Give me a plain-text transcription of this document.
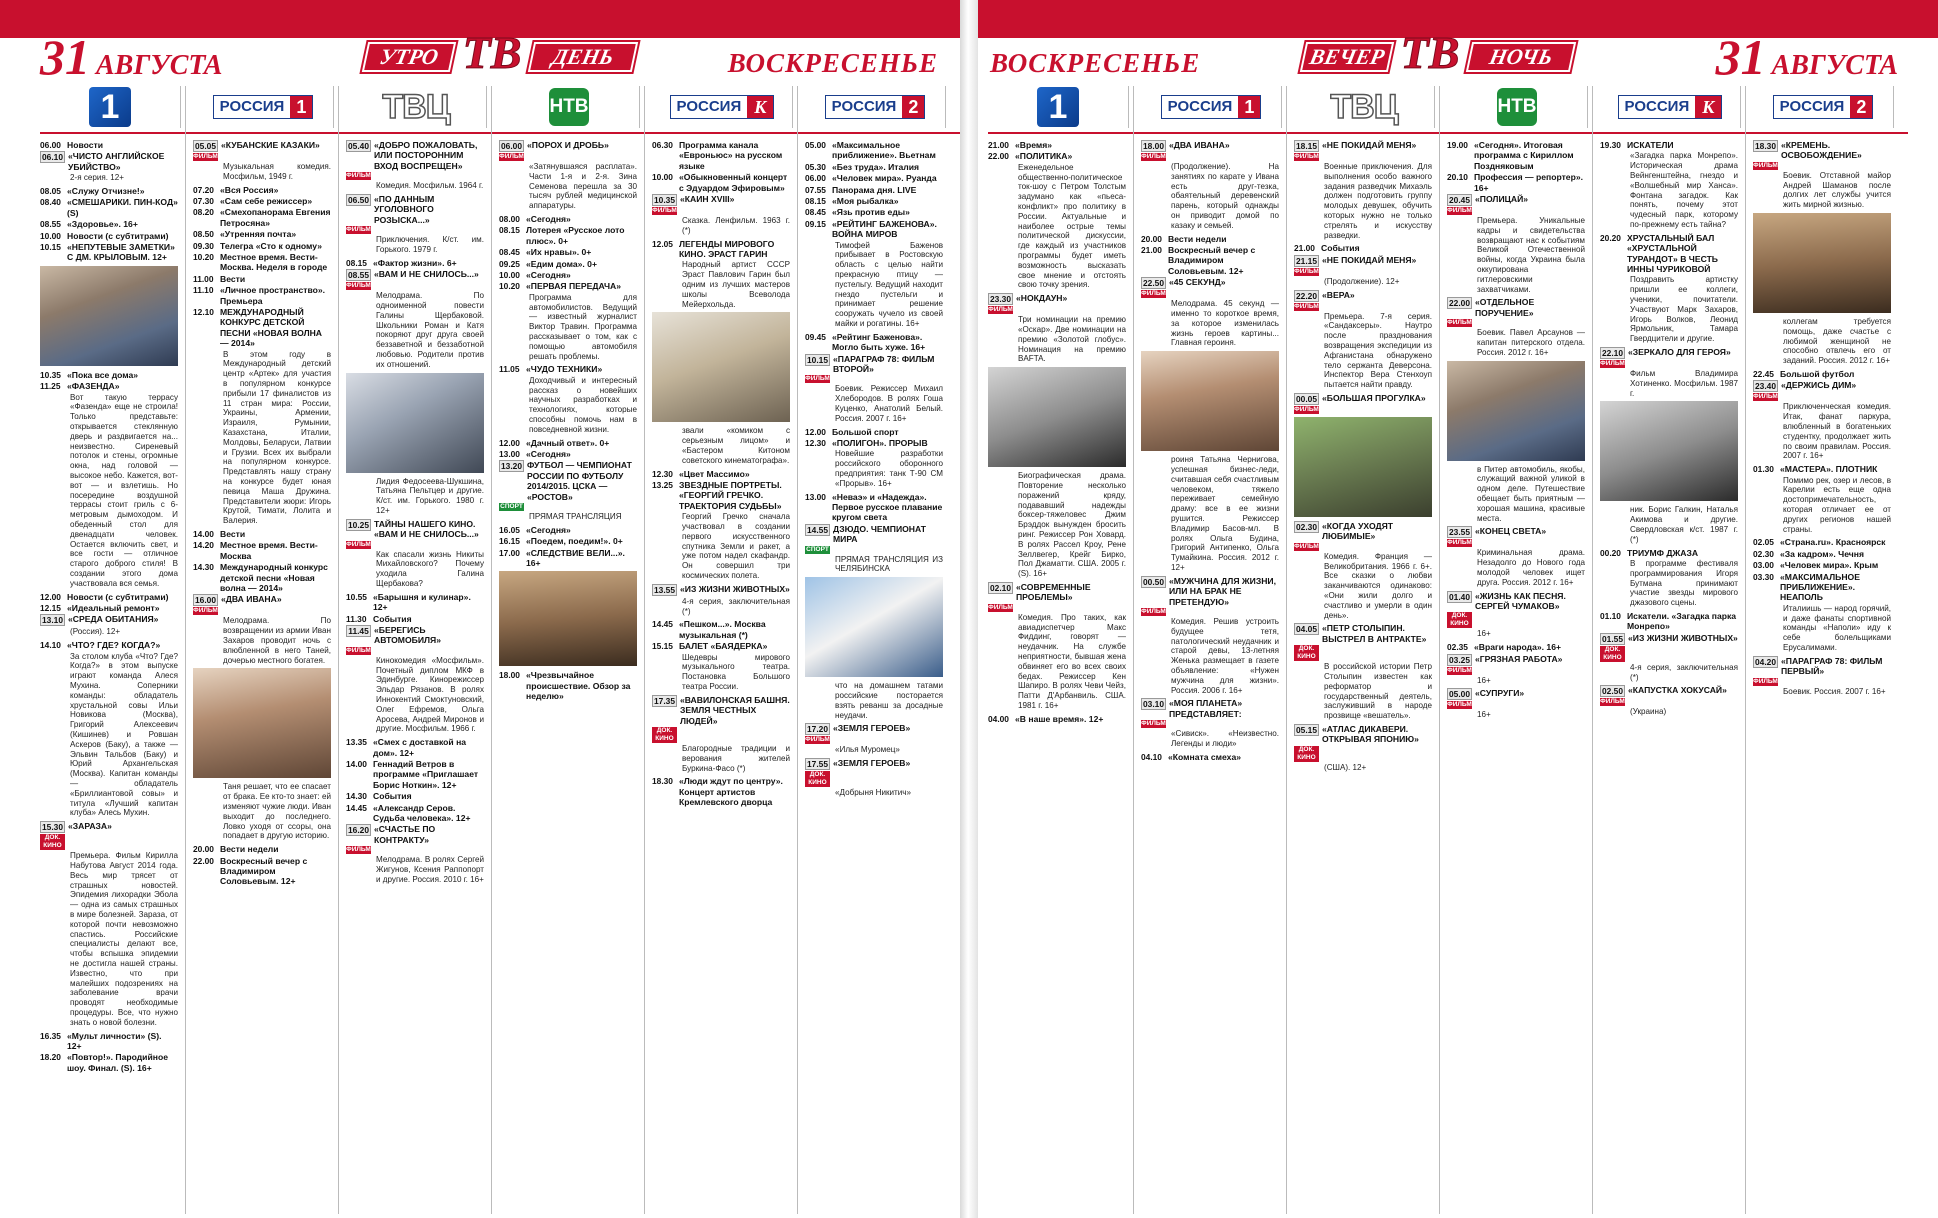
31 АВГУСТА	УТРО ТВ	ДЕНЬ	ВОСКРЕСЕНЬЕ
1	РОССИЯ 1 ТВЦ	НТВ	РОССИЯ К	РОССИЯ 2
06.00 Новости
06.10 «ЧИСТО АНГЛИЙСКОЕ УБИЙСТВО»
2-я серия. 12+
08.05 «Служу Отчизне!»
08.40 «СМЕШАРИКИ. ПИН-КОД» (S)
08.55 «Здоровье». 16+
10.00 Новости (с субтитрами)
10.15 «НЕПУТЕВЫЕ ЗАМЕТКИ» С ДМ. КРЫЛОВЫМ. 12+
10.35 «Пока все дома»
11.25 «ФАЗЕНДА»
Вот такую террасу «Фазенда» еще не строила! Только представьте: открывается стеклянную дверь и раздвигается на... неизвестно. Сиреневый потолок и стены, огромные окна, над головой — высокое небо. Кажется, вот-вот — и взлетишь. Но посередине воздушной террасы стоит гриль с 6-метровым дымоходом. И обеденный стол для двенадцати человек. Остается включить свет, и все гости — отличное старого доброго стиля! В создании этого дома участвовала вся семья.
12.00 Новости (с субтитрами)
12.15 «Идеальный ремонт»
13.10 «СРЕДА ОБИТАНИЯ»
(Россия). 12+
14.10 «ЧТО? ГДЕ? КОГДА?»
За столом клуба «Что? Где? Когда?» в этом выпуске играют команда Алеся Мухина. Соперники команды: обладатель хрустальной совы Ильи Новикова (Москва), Григорий Алексеевич (Кишинев) и Ровшан Аскеров (Баку), а также — Эльвин Тальбов (Баку) и Юрий Архангельская (Москва). Капитан команды — обладатель «Бриллиантовой совы» и титула «Лучший капитан клуба» Алесь Мухин.
15.30 «ЗАРАЗА»
ДОК. КИНО
Премьера. Фильм Кирилла Набутова Август 2014 года. Весь мир трясет от страшных новостей. Эпидемия лихорадки Эбола — одна из самых страшных в мире болезней. Зараза, от которой почти невозможно спастись. Российские специалисты делают все, чтобы вспышка эпидемии не достигла нашей страны. Известно, что при малейших подозрениях на заболевание врачи проводят необходимые процедуры. Все, что нужно знать о новой болезни.
16.35 «Мульт личности» (S). 12+
18.20 «Повтор!». Пародийное шоу. Финал. (S). 16+
05.05 «КУБАНСКИЕ КАЗАКИ»
ФИЛЬМ
Музыкальная комедия. Мосфильм, 1949 г.
07.20 «Вся Россия»
07.30 «Сам себе режиссер»
08.20 «Смехопанорама Евгения Петросяна»
08.50 «Утренняя почта»
09.30 Телегра «Сто к одному»
10.20 Местное время. Вести-Москва. Неделя в городе
11.00 Вести
11.10 «Личное пространство». Премьера
12.10 МЕЖДУНАРОДНЫЙ КОНКУРС ДЕТСКОЙ ПЕСНИ «НОВАЯ ВОЛНА — 2014»
В этом году в Международный детский центр «Артек» для участия в популярном конкурсе прибыли 17 финалистов из 11 стран мира: России, Украины, Армении, Израиля, Румынии, Казахстана, Италии, Молдовы, Беларуси, Латвии и Грузии. Всех их выбрали на популярном конкурсе. Представлять нашу страну на конкурсе будет юная певица Маша Дружина. Представители жюри: Игорь Крутой, Тимати, Лолита и Валерия.
14.00 Вести
14.20 Местное время. Вести-Москва
14.30 Международный конкурс детской песни «Новая волна — 2014»
16.00 «ДВА ИВАНА»
ФИЛЬМ
Мелодрама. По возвращении из армии Иван Захаров проводит ночь с влюбленной в него Таней, дочерью местного богатея.
Таня решает, что ее спасает от брака. Ее кто-то знает: ей изменяют чужие люди. Иван выходит до последнего. Ловко уходя от ссоры, она попадает в другую историю.
20.00 Вести недели
22.00 Воскресный вечер с Владимиром Соловьевым. 12+
05.40 «ДОБРО ПОЖАЛОВАТЬ, ИЛИ ПОСТОРОННИМ ВХОД ВОСПРЕЩЕН»
ФИЛЬМ
Комедия. Мосфильм. 1964 г.
06.50 «ПО ДАННЫМ УГОЛОВНОГО РОЗЫСКА...»
ФИЛЬМ
Приключения. К/ст. им. Горького. 1979 г.
08.15 «Фактор жизни». 6+
08.55 «ВАМ И НЕ СНИЛОСЬ...»
ФИЛЬМ
Мелодрама. По одноименной повести Галины Щербаковой. Школьники Роман и Катя покоряют друг друга своей беззаветной и беззаботной любовью. Родители против их отношений.
Лидия Федосеева-Шукшина, Татьяна Пельтцер и другие. К/ст. им. Горького. 1980 г. 12+
10.25 ТАЙНЫ НАШЕГО КИНО. «ВАМ И НЕ СНИЛОСЬ...»
ФИЛЬМ
Как спасали жизнь Никиты Михайловского? Почему уходила Галина Щербакова?
10.55 «Барышня и кулинар». 12+
11.30 События
11.45 «БЕРЕГИСЬ АВТОМОБИЛЯ»
ФИЛЬМ
Кинокомедия «Мосфильм». Почетный диплом МКФ в Эдинбурге. Кинорежиссер Эльдар Рязанов. В ролях Иннокентий Смоктуновский, Олег Ефремов, Ольга Аросева, Андрей Миронов и другие. Мосфильм. 1966 г.
13.35 «Смех с доставкой на дом». 12+
14.00 Геннадий Ветров в программе «Приглашает Борис Ноткин». 12+
14.30 События
14.45 «Александр Серов. Судьба человека». 12+
16.20 «СЧАСТЬЕ ПО КОНТРАКТУ»
ФИЛЬМ
Мелодрама. В ролях Сергей Жигунов, Ксения Раппопорт и другие. Россия. 2010 г. 16+
06.00 «ПОРОХ И ДРОБЬ»
ФИЛЬМ
«Затянувшаяся расплата». Части 1-я и 2-я. Зина Семенова перешла за 30 тысяч рублей медицинской аппаратуры.
08.00 «Сегодня»
08.15 Лотерея «Русское лото плюс». 0+
08.45 «Их нравы». 0+
09.25 «Едим дома». 0+
10.00 «Сегодня»
10.20 «ПЕРВАЯ ПЕРЕДАЧА»
Программа для автомобилистов. Ведущий — известный журналист Виктор Травин. Программа рассказывает о том, как с помощью автомобиля решать проблемы.
11.05 «ЧУДО ТЕХНИКИ»
Доходчивый и интересный рассказ о новейших научных разработках и технологиях, которые способны помочь нам в повседневной жизни.
12.00 «Дачный ответ». 0+
13.00 «Сегодня»
13.20 ФУТБОЛ — ЧЕМПИОНАТ РОССИИ ПО ФУТБОЛУ 2014/2015. ЦСКА — «РОСТОВ»
СПОРТ
ПРЯМАЯ ТРАНСЛЯЦИЯ
16.05 «Сегодня»
16.15 «Поедем, поедим!». 0+
17.00 «СЛЕДСТВИЕ ВЕЛИ...». 16+
18.00 «Чрезвычайное происшествие. Обзор за неделю»
06.30 Программа канала «Евроньюс» на русском языке
10.00 «Обыкновенный концерт с Эдуардом Эфировым»
10.35 «КАИН XVIII»
ФИЛЬМ
Сказка. Ленфильм. 1963 г. (*)
12.05 ЛЕГЕНДЫ МИРОВОГО КИНО. ЭРАСТ ГАРИН
Народный артист СССР Эраст Павлович Гарин был одним из лучших мастеров школы Всеволода Мейерхольда.
звали «комиком с серьезным лицом» и «Бастером Китоном советского кинематографа».
12.30 «Цвет Массимо»
13.25 ЗВЕЗДНЫЕ ПОРТРЕТЫ. «ГЕОРГИЙ ГРЕЧКО. ТРАЕКТОРИЯ СУДЬБЫ»
Георгий Гречко сначала участвовал в создании первого искусственного спутника Земли и ракет, а уже потом надел скафандр. Он совершил три космических полета.
13.55 «ИЗ ЖИЗНИ ЖИВОТНЫХ»
4-я серия, заключительная (*)
14.45 «Пешком...». Москва музыкальная (*)
15.15 БАЛЕТ «БАЯДЕРКА»
Шедевры мирового музыкального театра. Постановка Большого театра России.
17.35 «ВАВИЛОНСКАЯ БАШНЯ. ЗЕМЛЯ ЧЕСТНЫХ ЛЮДЕЙ»
ДОК. КИНО
Благородные традиции и верования жителей Буркина-Фасо (*)
18.30 «Люди ждут по центру». Концерт артистов Кремлевского дворца
05.00 «Максимальное приближение». Вьетнам
05.30 «Без труда». Италия
06.00 «Человек мира». Руанда
07.55 Панорама дня. LIVE
08.15 «Моя рыбалка»
08.45 «Язь против еды»
09.15 «РЕЙТИНГ БАЖЕНОВА». ВОЙНА МИРОВ
Тимофей Баженов прибывает в Ростовскую область с целью найти прекрасную птицу — пустельгу. Ведущий находит гнездо пустельги и принимает решение сооружать чучело из своей майки и рогатины. 16+
09.45 «Рейтинг Баженова». Могло быть хуже. 16+
10.15 «ПАРАГРАФ 78: ФИЛЬМ ВТОРОЙ»
ФИЛЬМ
Боевик. Режиссер Михаил Хлебородов. В ролях Гоша Куценко, Анатолий Белый. Россия. 2007 г. 16+
12.00 Большой спорт
12.30 «ПОЛИГОН». ПРОРЫВ
Новейшие разработки российского оборонного предприятия: танк Т-90 СМ «Прорыв». 16+
13.00 «Неваэ» и «Надежда». Первое русское плавание кругом света
14.55 ДЗЮДО. ЧЕМПИОНАТ МИРА
СПОРТ
ПРЯМАЯ ТРАНСЛЯЦИЯ ИЗ ЧЕЛЯБИНСКА
что на домашнем татами российские посторается взять реванш за досадные неудачи.
17.20 «ЗЕМЛЯ ГЕРОЕВ»
ФИЛЬМ
«Илья Муромец»
17.55 «ЗЕМЛЯ ГЕРОЕВ»
ДОК. КИНО
«Добрыня Никитич»
ВОСКРЕСЕНЬЕ	ВЕЧЕР ТВ	НОЧЬ	31 АВГУСТА
1	РОССИЯ 1 ТВЦ	НТВ	РОССИЯ К	РОССИЯ 2
21.00 «Время»
22.00 «ПОЛИТИКА»
Еженедельное общественно-политическое ток-шоу с Петром Толстым задумано как «пьеса-конфликт» про политику в России. Актуальные и наиболее острые темы политической дискуссии, где каждый из участников программы будет иметь возможность высказать свое мнение и отстоять свою точку зрения.
23.30 «НОКДАУН»
ФИЛЬМ
Три номинации на премию «Оскар». Две номинации на премию «Золотой глобус». Номинация на премию BAFTA.
Биографическая драма. Повторение несколько поражений кряду, подававший надежды боксер-тяжеловес Джим Брэддок вынужден бросить ринг. Режиссер Рон Ховард. В ролях Рассел Кроу, Рене Зеллвегер, Крейг Бирко, Пол Джаматти. США. 2005 г. (S). 16+
02.10 «СОВРЕМЕННЫЕ ПРОБЛЕМЫ»
ФИЛЬМ
Комедия. Про таких, как авиадиспетчер Макс Фиддинг, говорят — неудачник. На службе неприятности, бывшая жена обвиняет его во всех своих бедах. Режиссер Кен Шапиро. В ролях Чеви Чейз, Патти Д'Арбанвиль. США. 1981 г. 16+
04.00 «В наше время». 12+
18.00 «ДВА ИВАНА»
ФИЛЬМ
(Продолжение). На занятиях по карате у Ивана есть друг-тезка, обаятельный деревенский парень, который однажды он приводит домой по казаку и семьей.
20.00 Вести недели
21.00 Воскресный вечер с Владимиром Соловьевым. 12+
22.50 «45 СЕКУНД»
ФИЛЬМ
Мелодрама. 45 секунд — именно то короткое время, за которое изменилась жизнь героев картины... Главная героиня.
роиня Татьяна Чернигова, успешная бизнес-леди, считавшая себя счастливым человеком, тяжело переживает семейную драму: все в ее жизни рушится. Режиссер Владимир Басов-мл. В ролях Ольга Будина, Григорий Антипенко, Ольга Тумайкина. Россия. 2012 г. 12+
00.50 «МУЖЧИНА ДЛЯ ЖИЗНИ, ИЛИ НА БРАК НЕ ПРЕТЕНДУЮ»
ФИЛЬМ
Комедия. Решив устроить будущее тетя, патологический неудачник и старой девы, 13-летняя Женька размещает в газете объявление: «Нужен мужчина для жизни». Россия. 2006 г. 16+
03.10 «МОЯ ПЛАНЕТА» ПРЕДСТАВЛЯЕТ:
ФИЛЬМ
«Сивиск». «Неизвестно. Легенды и люди»
04.10 «Комната смеха»
18.15 «НЕ ПОКИДАЙ МЕНЯ»
ФИЛЬМ
Военные приключения. Для выполнения особо важного задания разведчик Михаэль должен подготовить группу молодых девушек, обучить которых нужно не только стрелять и искусству разведки.
21.00 События
21.15 «НЕ ПОКИДАЙ МЕНЯ»
ФИЛЬМ
(Продолжение). 12+
22.20 «ВЕРА»
ФИЛЬМ
Премьера. 7-я серия. «Сандаксеры». Наутро после празднования возвращения экспедиции из Афганистана обнаружено тело сержанта Деверсона. Инспектор Вера Стенхоуп пытается найти правду.
00.05 «БОЛЬШАЯ ПРОГУЛКА»
ФИЛЬМ
02.30 «КОГДА УХОДЯТ ЛЮБИМЫЕ»
ФИЛЬМ
Комедия. Франция — Великобритания. 1966 г. 6+. Все сказки о любви заканчиваются одинаково: «Они жили долго и счастливо и умерли в один день».
04.05 «ПЕТР СТОЛЫПИН. ВЫСТРЕЛ В АНТРАКТЕ»
ДОК. КИНО
В российской истории Петр Столыпин известен как реформатор и государственный деятель, заслуживший в народе прозвище «вешатель».
05.15 «АТЛАС ДИКАВЕРИ. ОТКРЫВАЯ ЯПОНИЮ»
ДОК. КИНО
(США). 12+
19.00 «Сегодня». Итоговая программа с Кириллом Поздняковым
20.10 Профессия — репортер». 16+
20.45 «ПОЛИЦАЙ»
ФИЛЬМ
Премьера. Уникальные кадры и свидетельства возвращают нас к событиям Великой Отечественной войны, когда Украина была оккупирована гитлеровскими захватчиками.
22.00 «ОТДЕЛЬНОЕ ПОРУЧЕНИЕ»
ФИЛЬМ
Боевик. Павел Арсаунов — капитан питерского отдела. Россия. 2012 г. 16+
в Питер автомобиль, якобы, служащий важной уликой в одном деле. Путешествие обещает быть приятным — хорошая машина, красивые места.
23.55 «КОНЕЦ СВЕТА»
ФИЛЬМ
Криминальная драма. Незадолго до Нового года молодой человек ищет друга. Россия. 2012 г. 16+
01.40 «ЖИЗНЬ КАК ПЕСНЯ. СЕРГЕЙ ЧУМАКОВ»
ДОК. КИНО
16+
02.35 «Враги народа». 16+
03.25 «ГРЯЗНАЯ РАБОТА»
ФИЛЬМ
16+
05.00 «СУПРУГИ»
ФИЛЬМ
16+
19.30 ИСКАТЕЛИ
«Загадка парка Монрепо». Историческая драма Вейнгенштейна, гнездо и «Волшебный мир Ханса». Фонтана загадок. Как понять, почему этот чудесный парк, которому по-прежнему есть тайна?
20.20 ХРУСТАЛЬНЫЙ БАЛ «ХРУСТАЛЬНОЙ ТУРАНДОТ» В ЧЕСТЬ ИННЫ ЧУРИКОВОЙ
Поздравить артистку пришли ее коллеги, ученики, почитатели. Участвуют Марк Захаров, Игорь Волков, Леонид Ярмольник, Тамара Гвердцители и другие.
22.10 «ЗЕРКАЛО ДЛЯ ГЕРОЯ»
ФИЛЬМ
Фильм Владимира Хотиненко. Мосфильм. 1987 г.
ник. Борис Галкин, Наталья Акимова и другие. Свердловская к/ст. 1987 г. (*)
00.20 ТРИУМФ ДЖАЗА
В программе фестиваля программирования Игоря Бутмана принимают участие звезды мирового джазового сцены.
01.10 Искатели. «Загадка парка Монрепо»
01.55 «ИЗ ЖИЗНИ ЖИВОТНЫХ»
ДОК. КИНО
4-я серия, заключительная (*)
02.50 «КАПУСТКА ХОКУСАЙ»
ФИЛЬМ
(Украина)
18.30 «КРЕМЕНЬ. ОСВОБОЖДЕНИЕ»
ФИЛЬМ
Боевик. Отставной майор Андрей Шаманов после долгих лет службы учится жить мирной жизнью.
коллегам требуется помощь, даже счастье с любимой женщиной не способно отвлечь его от заданий. Россия. 2012 г. 16+
22.45 Большой футбол
23.40 «ДЕРЖИСЬ ДИМ»
ФИЛЬМ
Приключенческая комедия. Итак, фанат паркура, влюбленный в богатеньких студентку, продолжает жить по своим правилам. Россия. 2007 г. 16+
01.30 «МАСТЕРА». ПЛОТНИК
Помимо рек, озер и лесов, в Карелии есть еще одна достопримечательность, которая отличает ее от других регионов нашей страны.
02.05 «Страна.ru». Красноярск
02.30 «За кадром». Чечня
03.00 «Человек мира». Крым
03.30 «МАКСИМАЛЬНОЕ ПРИБЛИЖЕНИЕ». НЕАПОЛЬ
Италиишь — народ горячий, и даже фанаты спортивной команды «Наполи» иду к себе болельщиками Ерусалимами.
04.20 «ПАРАГРАФ 78: ФИЛЬМ ПЕРВЫЙ»
ФИЛЬМ
Боевик. Россия. 2007 г. 16+
